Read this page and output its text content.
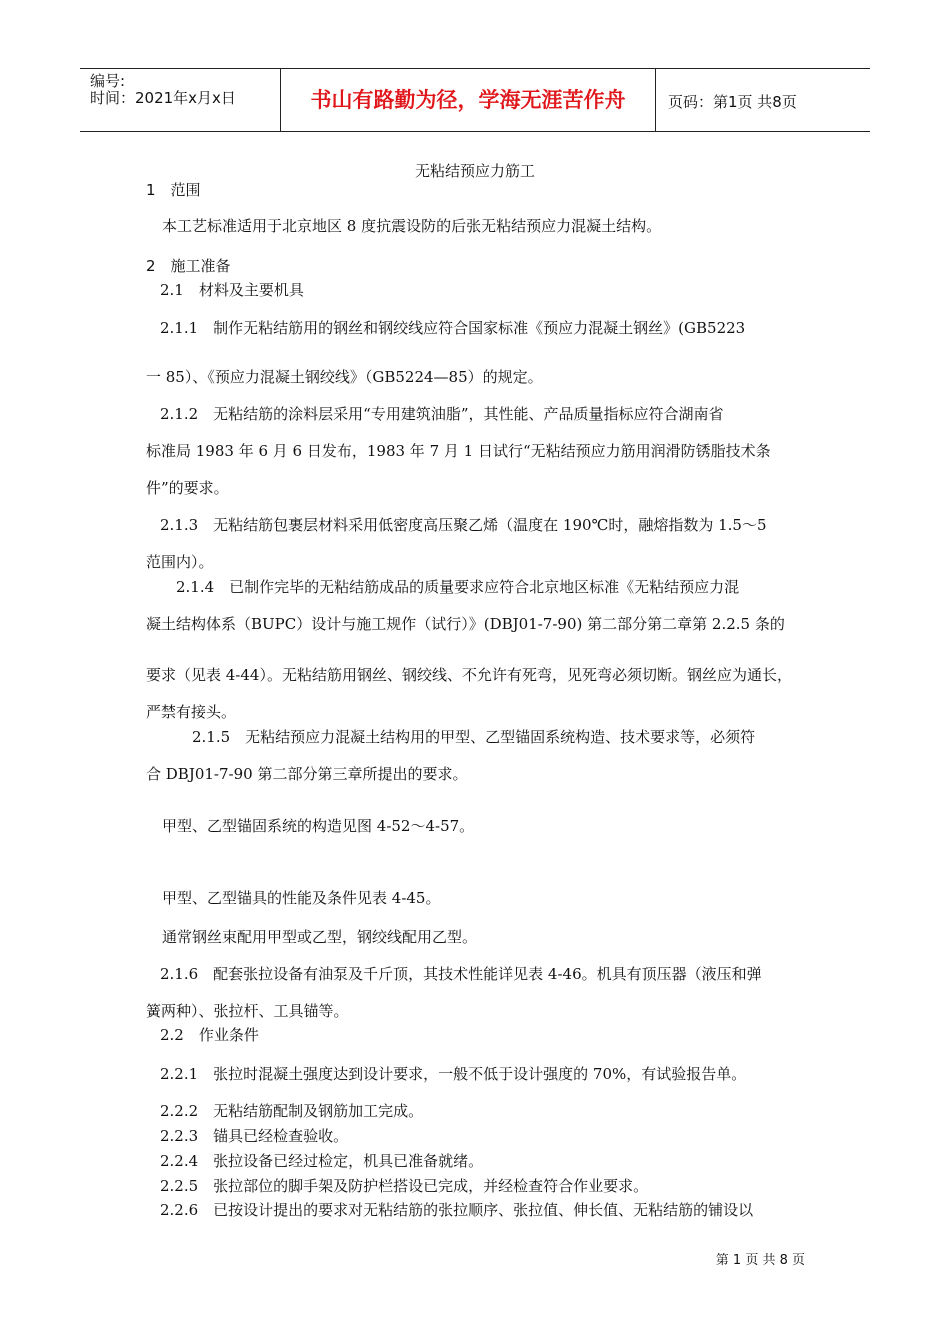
编号:
时间：2021年x月x日	书山有路勤为径，学海无涯苦作舟	页码：第1页 共8页
无粘结预应力筋工
1　范围
本工艺标准适用于北京地区 8 度抗震设防的后张无粘结预应力混凝土结构。
2　施工准备
2.1　材料及主要机具
2.1.1　制作无粘结筋用的钢丝和钢绞线应符合国家标准《预应力混凝土钢丝》(GB5223
一 85）、《预应力混凝土钢绞线》（GB5224—85）的规定。
2.1.2　无粘结筋的涂料层采用“专用建筑油脂”，其性能、产品质量指标应符合湖南省
标准局 1983 年 6 月 6 日发布，1983 年 7 月 1 日试行“无粘结预应力筋用润滑防锈脂技术条
件”的要求。
2.1.3　无粘结筋包裹层材料采用低密度高压聚乙烯（温度在 190℃时，融熔指数为 1.5～5
范围内）。
2.1.4　已制作完毕的无粘结筋成品的质量要求应符合北京地区标准《无粘结预应力混
凝土结构体系（BUPC）设计与施工规作（试行）》(DBJ01-7-90) 第二部分第二章第 2.2.5 条的
要求（见表 4-44）。无粘结筋用钢丝、钢绞线、不允许有死弯，见死弯必须切断。钢丝应为通长，
严禁有接头。
2.1.5　无粘结预应力混凝土结构用的甲型、乙型锚固系统构造、技术要求等，必须符
合 DBJ01-7-90 第二部分第三章所提出的要求。
甲型、乙型锚固系统的构造见图 4-52～4-57。
甲型、乙型锚具的性能及条件见表 4-45。
通常钢丝束配用甲型或乙型，钢绞线配用乙型。
2.1.6　配套张拉设备有油泵及千斤顶，其技术性能详见表 4-46。机具有顶压器（液压和弹
簧两种）、张拉杆、工具锚等。
2.2　作业条件
2.2.1　张拉时混凝土强度达到设计要求，一般不低于设计强度的 70%，有试验报告单。
2.2.2　无粘结筋配制及钢筋加工完成。
2.2.3　锚具已经检查验收。
2.2.4　张拉设备已经过检定，机具已准备就绪。
2.2.5　张拉部位的脚手架及防护栏搭设已完成，并经检查符合作业要求。
2.2.6　已按设计提出的要求对无粘结筋的张拉顺序、张拉值、伸长值、无粘结筋的铺设以
第 1 页 共 8 页
